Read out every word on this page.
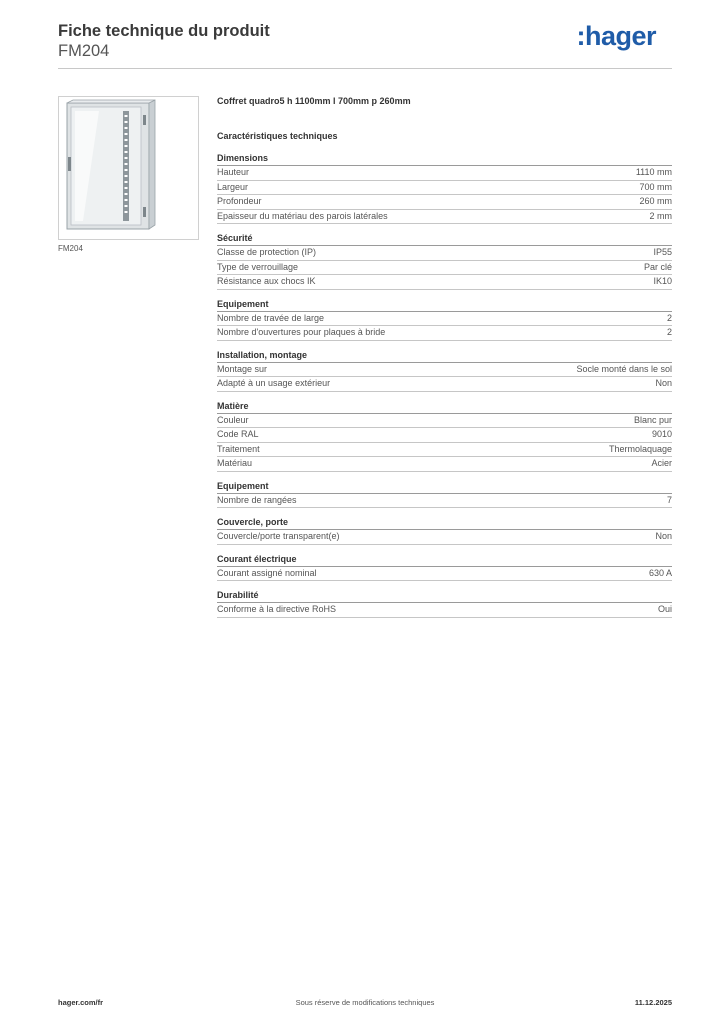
Fiche technique du produit
FM204	:hager
FM204
Coffret quadro5 h 1100mm l 700mm p 260mm
Caractéristiques techniques
Dimensions
Hauteur	1110 mm
Largeur	700 mm
Profondeur	260 mm
Epaisseur du matériau des parois latérales	2 mm
Sécurité
Classe de protection (IP)	IP55
Type de verrouillage	Par clé
Résistance aux chocs IK	IK10
Equipement
Nombre de travée de large	2
Nombre d'ouvertures pour plaques à bride	2
Installation, montage
Montage sur	Socle monté dans le sol
Adapté à un usage extérieur	Non
Matière
Couleur	Blanc pur
Code RAL	9010
Traitement	Thermolaquage
Matériau	Acier
Equipement
Nombre de rangées	7
Couvercle, porte
Couvercle/porte transparent(e)	Non
Courant électrique
Courant assigné nominal	630 A
Durabilité
Conforme à la directive RoHS	Oui
hager.com/fr	Sous réserve de modifications techniques	11.12.2025
